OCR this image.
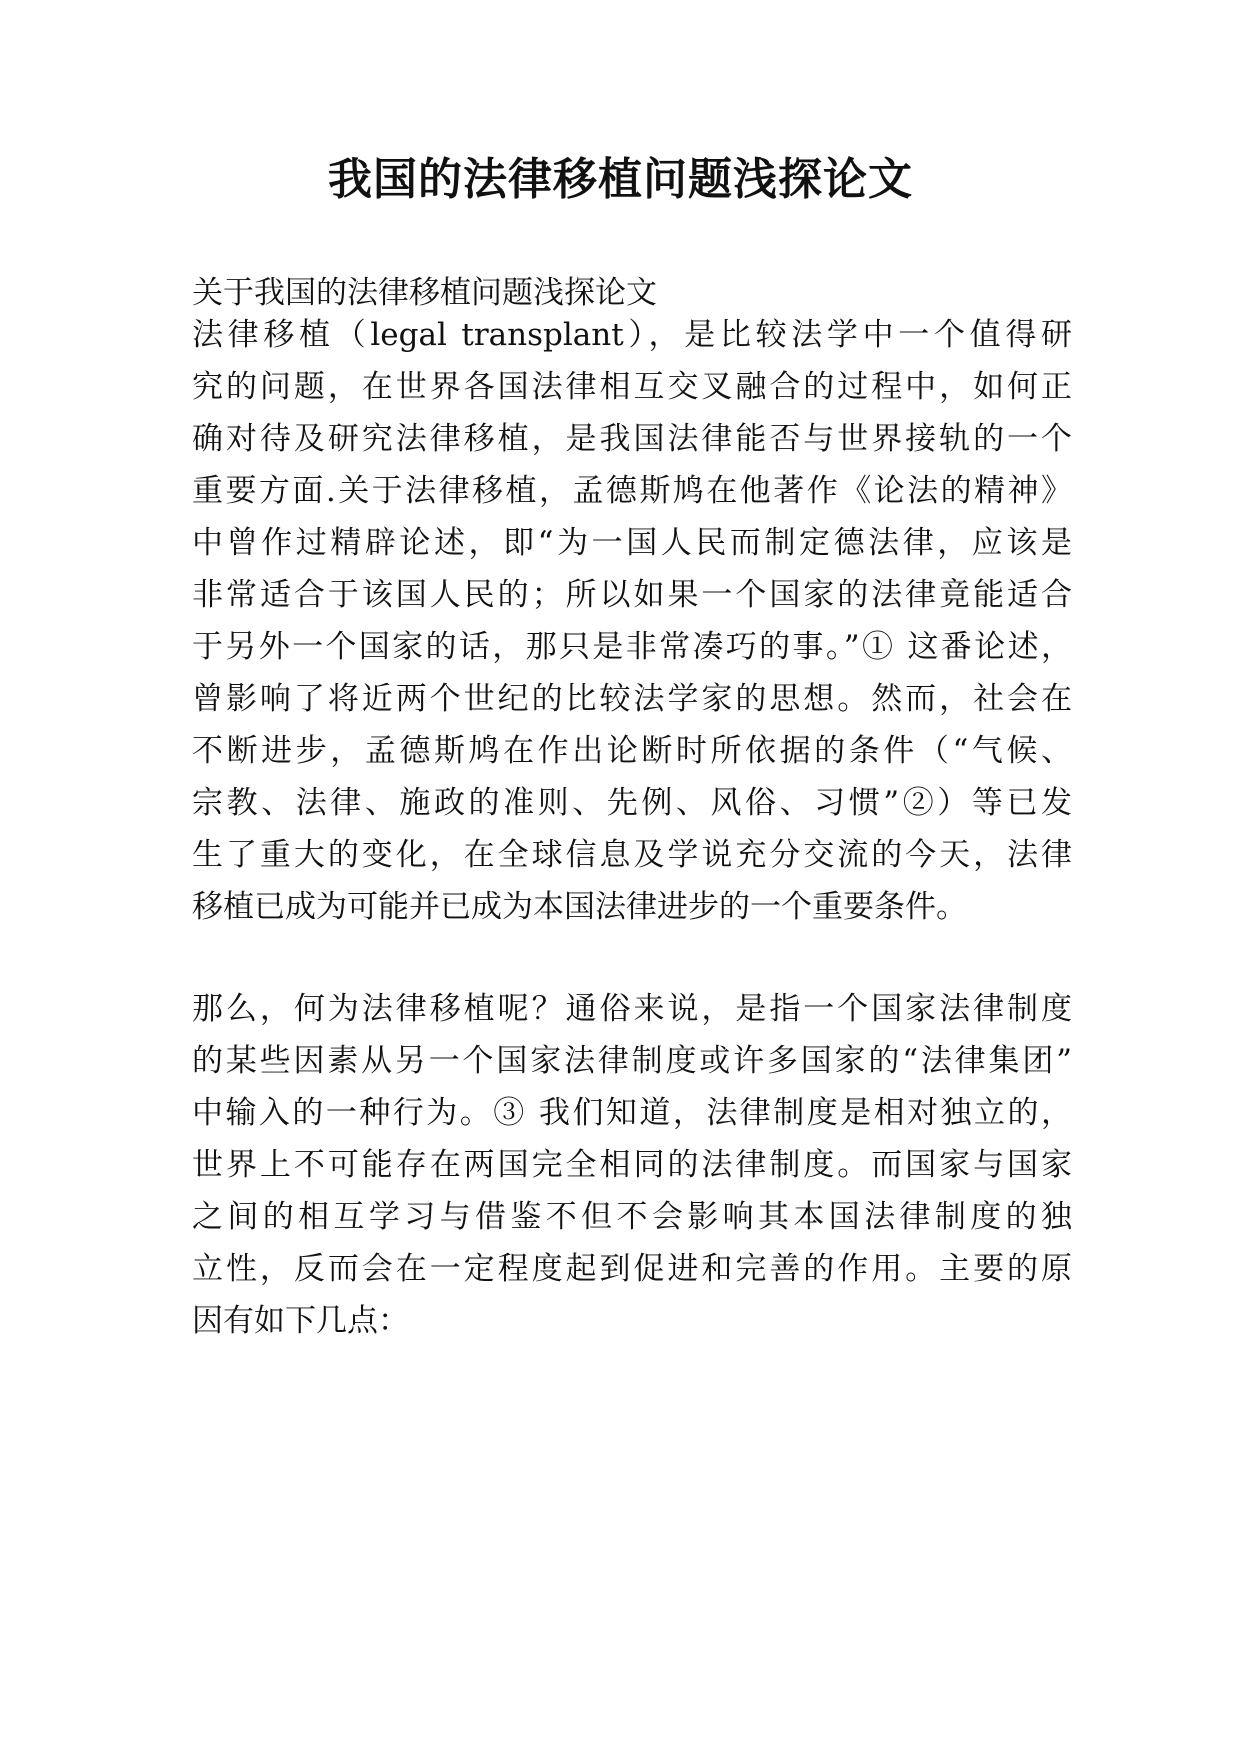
我国的法律移植问题浅探论文

关于我国的法律移植问题浅探论文

法律移植（legal transplant），是比较法学中一个值得研

究的问题，在世界各国法律相互交叉融合的过程中，如何正

确对待及研究法律移植，是我国法律能否与世界接轨的一个

重要方面.关于法律移植，孟德斯鸠在他著作《论法的精神》

中曾作过精辟论述，即“为一国人民而制定德法律，应该是

非常适合于该国人民的；所以如果一个国家的法律竟能适合

于另外一个国家的话，那只是非常凑巧的事。”① 这番论述，

曾影响了将近两个世纪的比较法学家的思想。然而，社会在

不断进步，孟德斯鸠在作出论断时所依据的条件（“气候、

宗教、法律、施政的准则、先例、风俗、习惯”②）等已发

生了重大的变化，在全球信息及学说充分交流的今天，法律

移植已成为可能并已成为本国法律进步的一个重要条件。

那么，何为法律移植呢？通俗来说，是指一个国家法律制度

的某些因素从另一个国家法律制度或许多国家的“法律集团”

中输入的一种行为。③ 我们知道，法律制度是相对独立的，

世界上不可能存在两国完全相同的法律制度。而国家与国家

之间的相互学习与借鉴不但不会影响其本国法律制度的独

立性，反而会在一定程度起到促进和完善的作用。主要的原

因有如下几点：
